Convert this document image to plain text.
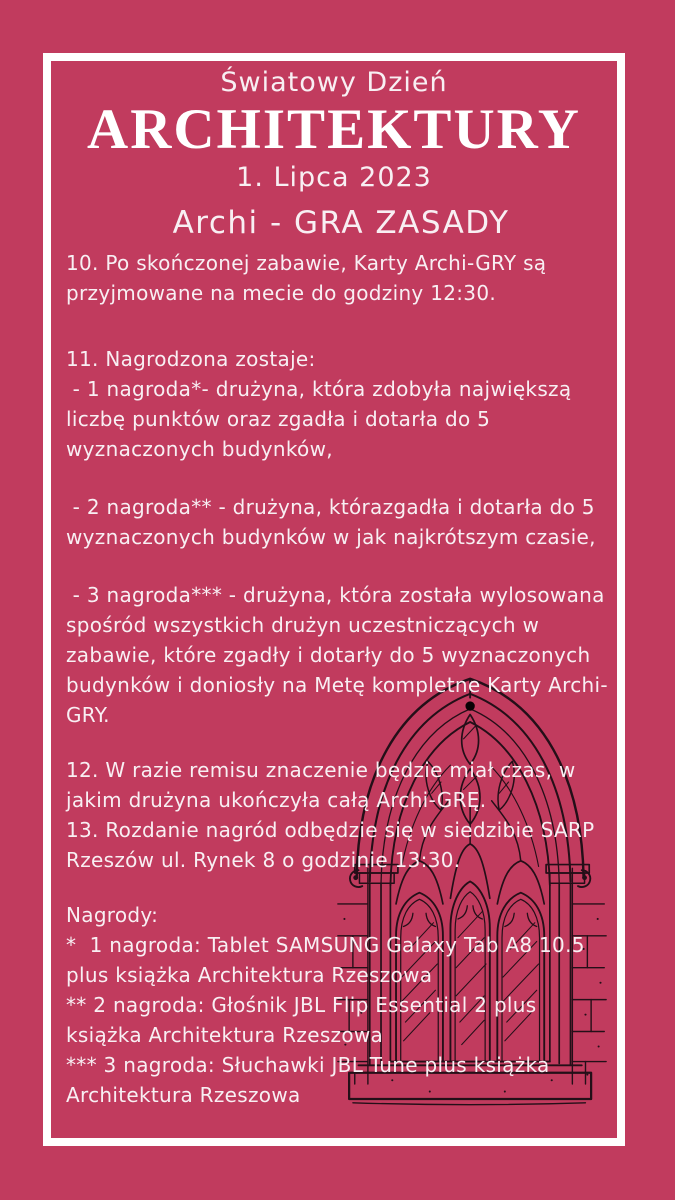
Światowy Dzień
ARCHITEKTURY
1. Lipca 2023
Archi - GRA ZASADY

10. Po skończonej zabawie, Karty Archi-GRY są przyjmowane na mecie do godziny 12:30.

11. Nagrodzona zostaje:

- 1 nagroda*- drużyna, która zdobyła największą liczbę punktów oraz zgadła i dotarła do 5 wyznaczonych budynków,

- 2 nagroda** - drużyna, którazgadła i dotarła do 5 wyznaczonych budynków w jak najkrótszym czasie,

- 3 nagroda*** - drużyna, która została wylosowana spośród wszystkich drużyn uczestniczących w zabawie, które zgadły i dotarły do 5 wyznaczonych budynków i doniosły na Metę kompletne Karty Archi-GRY.

12. W razie remisu znaczenie będzie miał czas, w jakim drużyna ukończyła całą Archi-GRĘ.

13. Rozdanie nagród odbędzie się w siedzibie SARP Rzeszów ul. Rynek 8 o godzinie 13:30.

Nagrody:

*  1 nagroda: Tablet SAMSUNG Galaxy Tab A8 10.5 plus książka Architektura Rzeszowa

** 2 nagroda: Głośnik JBL Flip Essential 2 plus książka Architektura Rzeszowa

*** 3 nagroda: Słuchawki JBL Tune plus książka Architektura Rzeszowa
